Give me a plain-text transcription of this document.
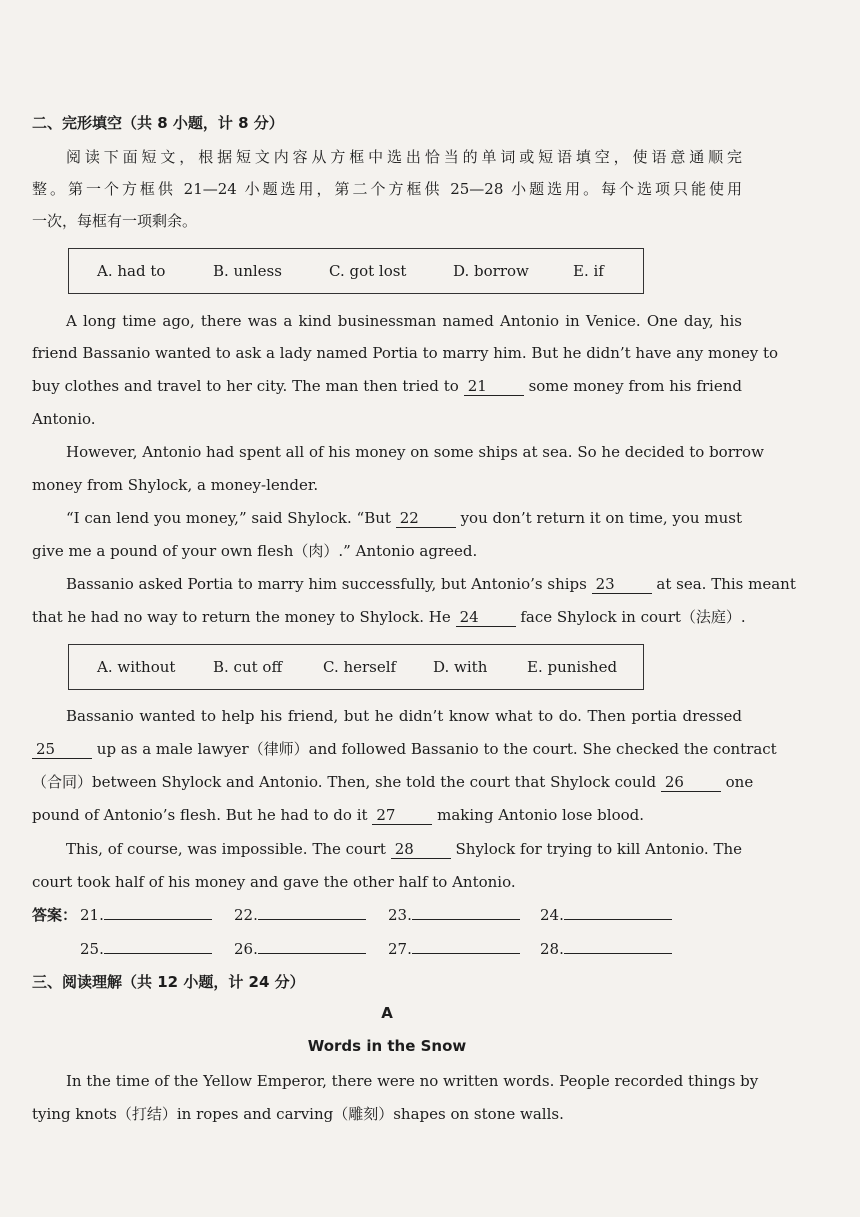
二、完形填空（共 8 小题，计 8 分）
阅读下面短文，根据短文内容从方框中选出恰当的单词或短语填空，使语意通顺完
整。第一个方框供 21—24 小题选用，第二个方框供 25—28 小题选用。每个选项只能使用
一次，每框有一项剩余。
A. had to	B. unless	C. got lost	D. borrow	E. if
A long time ago, there was a kind businessman named Antonio in Venice. One day, his
friend Bassanio wanted to ask a lady named Portia to marry him. But he didn’t have any money to
buy clothes and travel to her city. The man then tried to 21	some money from his friend
Antonio.
However, Antonio had spent all of his money on some ships at sea. So he decided to borrow
money from Shylock, a money-lender.
“I can lend you money,” said Shylock. “But 22	you don’t return it on time, you must
give me a pound of your own flesh（肉）.” Antonio agreed.
Bassanio asked Portia to marry him successfully, but Antonio’s ships 23	at sea. This meant
that he had no way to return the money to Shylock. He 24	face Shylock in court（法庭）.
A. without	B. cut off	C. herself	D. with	E. punished
Bassanio wanted to help his friend, but he didn’t know what to do. Then portia dressed
25	up as a male lawyer（律师）and followed Bassanio to the court. She checked the contract
（合同）between Shylock and Antonio. Then, she told the court that Shylock could 26	one
pound of Antonio’s flesh. But he had to do it 27	making Antonio lose blood.
This, of course, was impossible. The court 28	Shylock for trying to kill Antonio. The
court took half of his money and gave the other half to Antonio.
答案： 21.	22.	23.	24.
25.	26.	27.	28.
三、阅读理解（共 12 小题，计 24 分）
A
Words in the Snow
In the time of the Yellow Emperor, there were no written words. People recorded things by
tying knots（打结）in ropes and carving（雕刻）shapes on stone walls.
